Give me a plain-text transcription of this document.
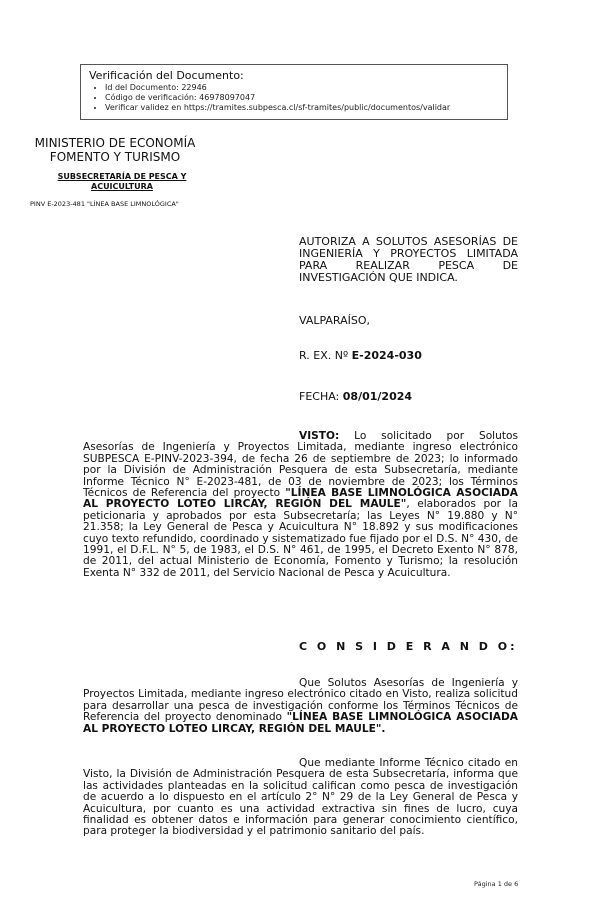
Verificación del Documento:
• Id del Documento: 22946
• Código de verificación: 46978097047
• Verificar validez en https://tramites.subpesca.cl/sf-tramites/public/documentos/validar
MINISTERIO DE ECONOMÍA
FOMENTO Y TURISMO
SUBSECRETARÍA DE PESCA Y ACUICULTURA
PINV E-2023-481 "LÍNEA BASE LIMNOLÓGICA"
AUTORIZA A SOLUTOS ASESORÍAS DE INGENIERÍA Y PROYECTOS LIMITADA PARA REALIZAR PESCA DE INVESTIGACIÓN QUE INDICA.
VALPARAÍSO,
R. EX. Nº E-2024-030
FECHA: 08/01/2024
VISTO: Lo solicitado por Solutos Asesorías de Ingeniería y Proyectos Limitada, mediante ingreso electrónico SUBPESCA E-PINV-2023-394, de fecha 26 de septiembre de 2023; lo informado por la División de Administración Pesquera de esta Subsecretaría, mediante Informe Técnico N° E-2023-481, de 03 de noviembre de 2023; los Términos Técnicos de Referencia del proyecto "LÍNEA BASE LIMNOLÓGICA ASOCIADA AL PROYECTO LOTEO LIRCAY, REGIÓN DEL MAULE", elaborados por la peticionaria y aprobados por esta Subsecretaría; las Leyes N° 19.880 y N° 21.358; la Ley General de Pesca y Acuicultura N° 18.892 y sus modificaciones cuyo texto refundido, coordinado y sistematizado fue fijado por el D.S. N° 430, de 1991, el D.F.L. N° 5, de 1983, el D.S. N° 461, de 1995, el Decreto Exento N° 878, de 2011, del actual Ministerio de Economía, Fomento y Turismo; la resolución Exenta N° 332 de 2011, del Servicio Nacional de Pesca y Acuicultura.
C O N S I D E R A N D O:
Que Solutos Asesorías de Ingeniería y Proyectos Limitada, mediante ingreso electrónico citado en Visto, realiza solicitud para desarrollar una pesca de investigación conforme los Términos Técnicos de Referencia del proyecto denominado "LÍNEA BASE LIMNOLÓGICA ASOCIADA AL PROYECTO LOTEO LIRCAY, REGIÓN DEL MAULE".
Que mediante Informe Técnico citado en Visto, la División de Administración Pesquera de esta Subsecretaría, informa que las actividades planteadas en la solicitud califican como pesca de investigación de acuerdo a lo dispuesto en el artículo 2° N° 29 de la Ley General de Pesca y Acuicultura, por cuanto es una actividad extractiva sin fines de lucro, cuya finalidad es obtener datos e información para generar conocimiento científico, para proteger la biodiversidad y el patrimonio sanitario del país.
Página 1 de 6
